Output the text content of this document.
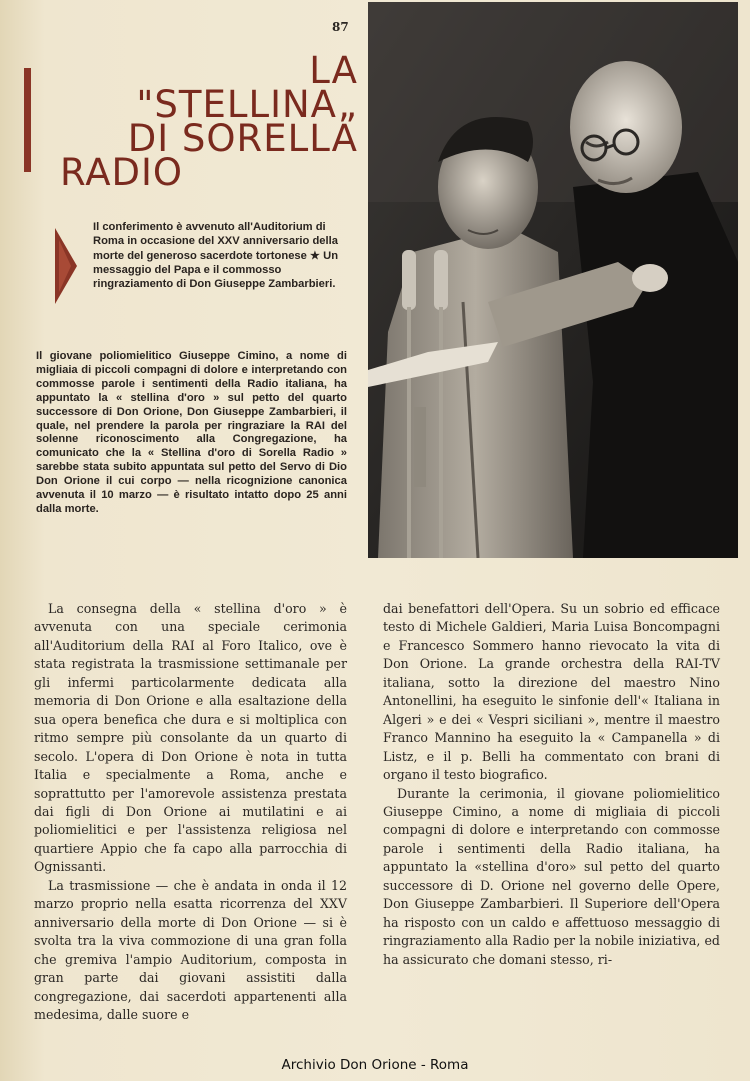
87
LA
"STELLINA„
DI SORELLA
RADIO

Il conferimento è avvenuto all'Auditorium di Roma in occasione del XXV anniversario della morte del generoso sacerdote tortonese ★ Un messaggio del Papa e il commosso ringraziamento di Don Giuseppe Zambarbieri.

Il giovane poliomielitico Giuseppe Cimino, a nome di migliaia di piccoli compagni di dolore e interpretando con commosse parole i sentimenti della Radio italiana, ha appuntato la « stellina d'oro » sul petto del quarto successore di Don Orione, Don Giuseppe Zambarbieri, il quale, nel prendere la parola per ringraziare la RAI del solenne riconoscimento alla Congregazione, ha comunicato che la « Stellina d'oro di Sorella Radio » sarebbe stata subito appuntata sul petto del Servo di Dio Don Orione il cui corpo — nella ricognizione canonica avvenuta il 10 marzo — è risultato intatto dopo 25 anni dalla morte.

La consegna della « stellina d'oro » è avvenuta con una speciale cerimonia all'Auditorium della RAI al Foro Italico, ove è stata registrata la trasmissione settimanale per gli infermi particolarmente dedicata alla memoria di Don Orione e alla esaltazione della sua opera benefica che dura e si moltiplica con ritmo sempre più consolante da un quarto di secolo. L'opera di Don Orione è nota in tutta Italia e specialmente a Roma, anche e soprattutto per l'amorevole assistenza prestata dai figli di Don Orione ai mutilatini e ai poliomielitici e per l'assistenza religiosa nel quartiere Appio che fa capo alla parrocchia di Ognissanti.

La trasmissione — che è andata in onda il 12 marzo proprio nella esatta ricorrenza del XXV anniversario della morte di Don Orione — si è svolta tra la viva commozione di una gran folla che gremiva l'ampio Auditorium, composta in gran parte dai giovani assistiti dalla congregazione, dai sacerdoti appartenenti alla medesima, dalle suore e

dai benefattori dell'Opera. Su un sobrio ed efficace testo di Michele Galdieri, Maria Luisa Boncompagni e Francesco Sommero hanno rievocato la vita di Don Orione. La grande orchestra della RAI-TV italiana, sotto la direzione del maestro Nino Antonellini, ha eseguito le sinfonie dell'« Italiana in Algeri » e dei « Vespri siciliani », mentre il maestro Franco Mannino ha eseguito la « Campanella » di Listz, e il p. Belli ha commentato con brani di organo il testo biografico.

Durante la cerimonia, il giovane poliomielitico Giuseppe Cimino, a nome di migliaia di piccoli compagni di dolore e interpretando con commosse parole i sentimenti della Radio italiana, ha appuntato la «stellina d'oro» sul petto del quarto successore di D. Orione nel governo delle Opere, Don Giuseppe Zambarbieri. Il Superiore dell'Opera ha risposto con un caldo e affettuoso messaggio di ringraziamento alla Radio per la nobile iniziativa, ed ha assicurato che domani stesso, ri-

Archivio Don Orione - Roma
